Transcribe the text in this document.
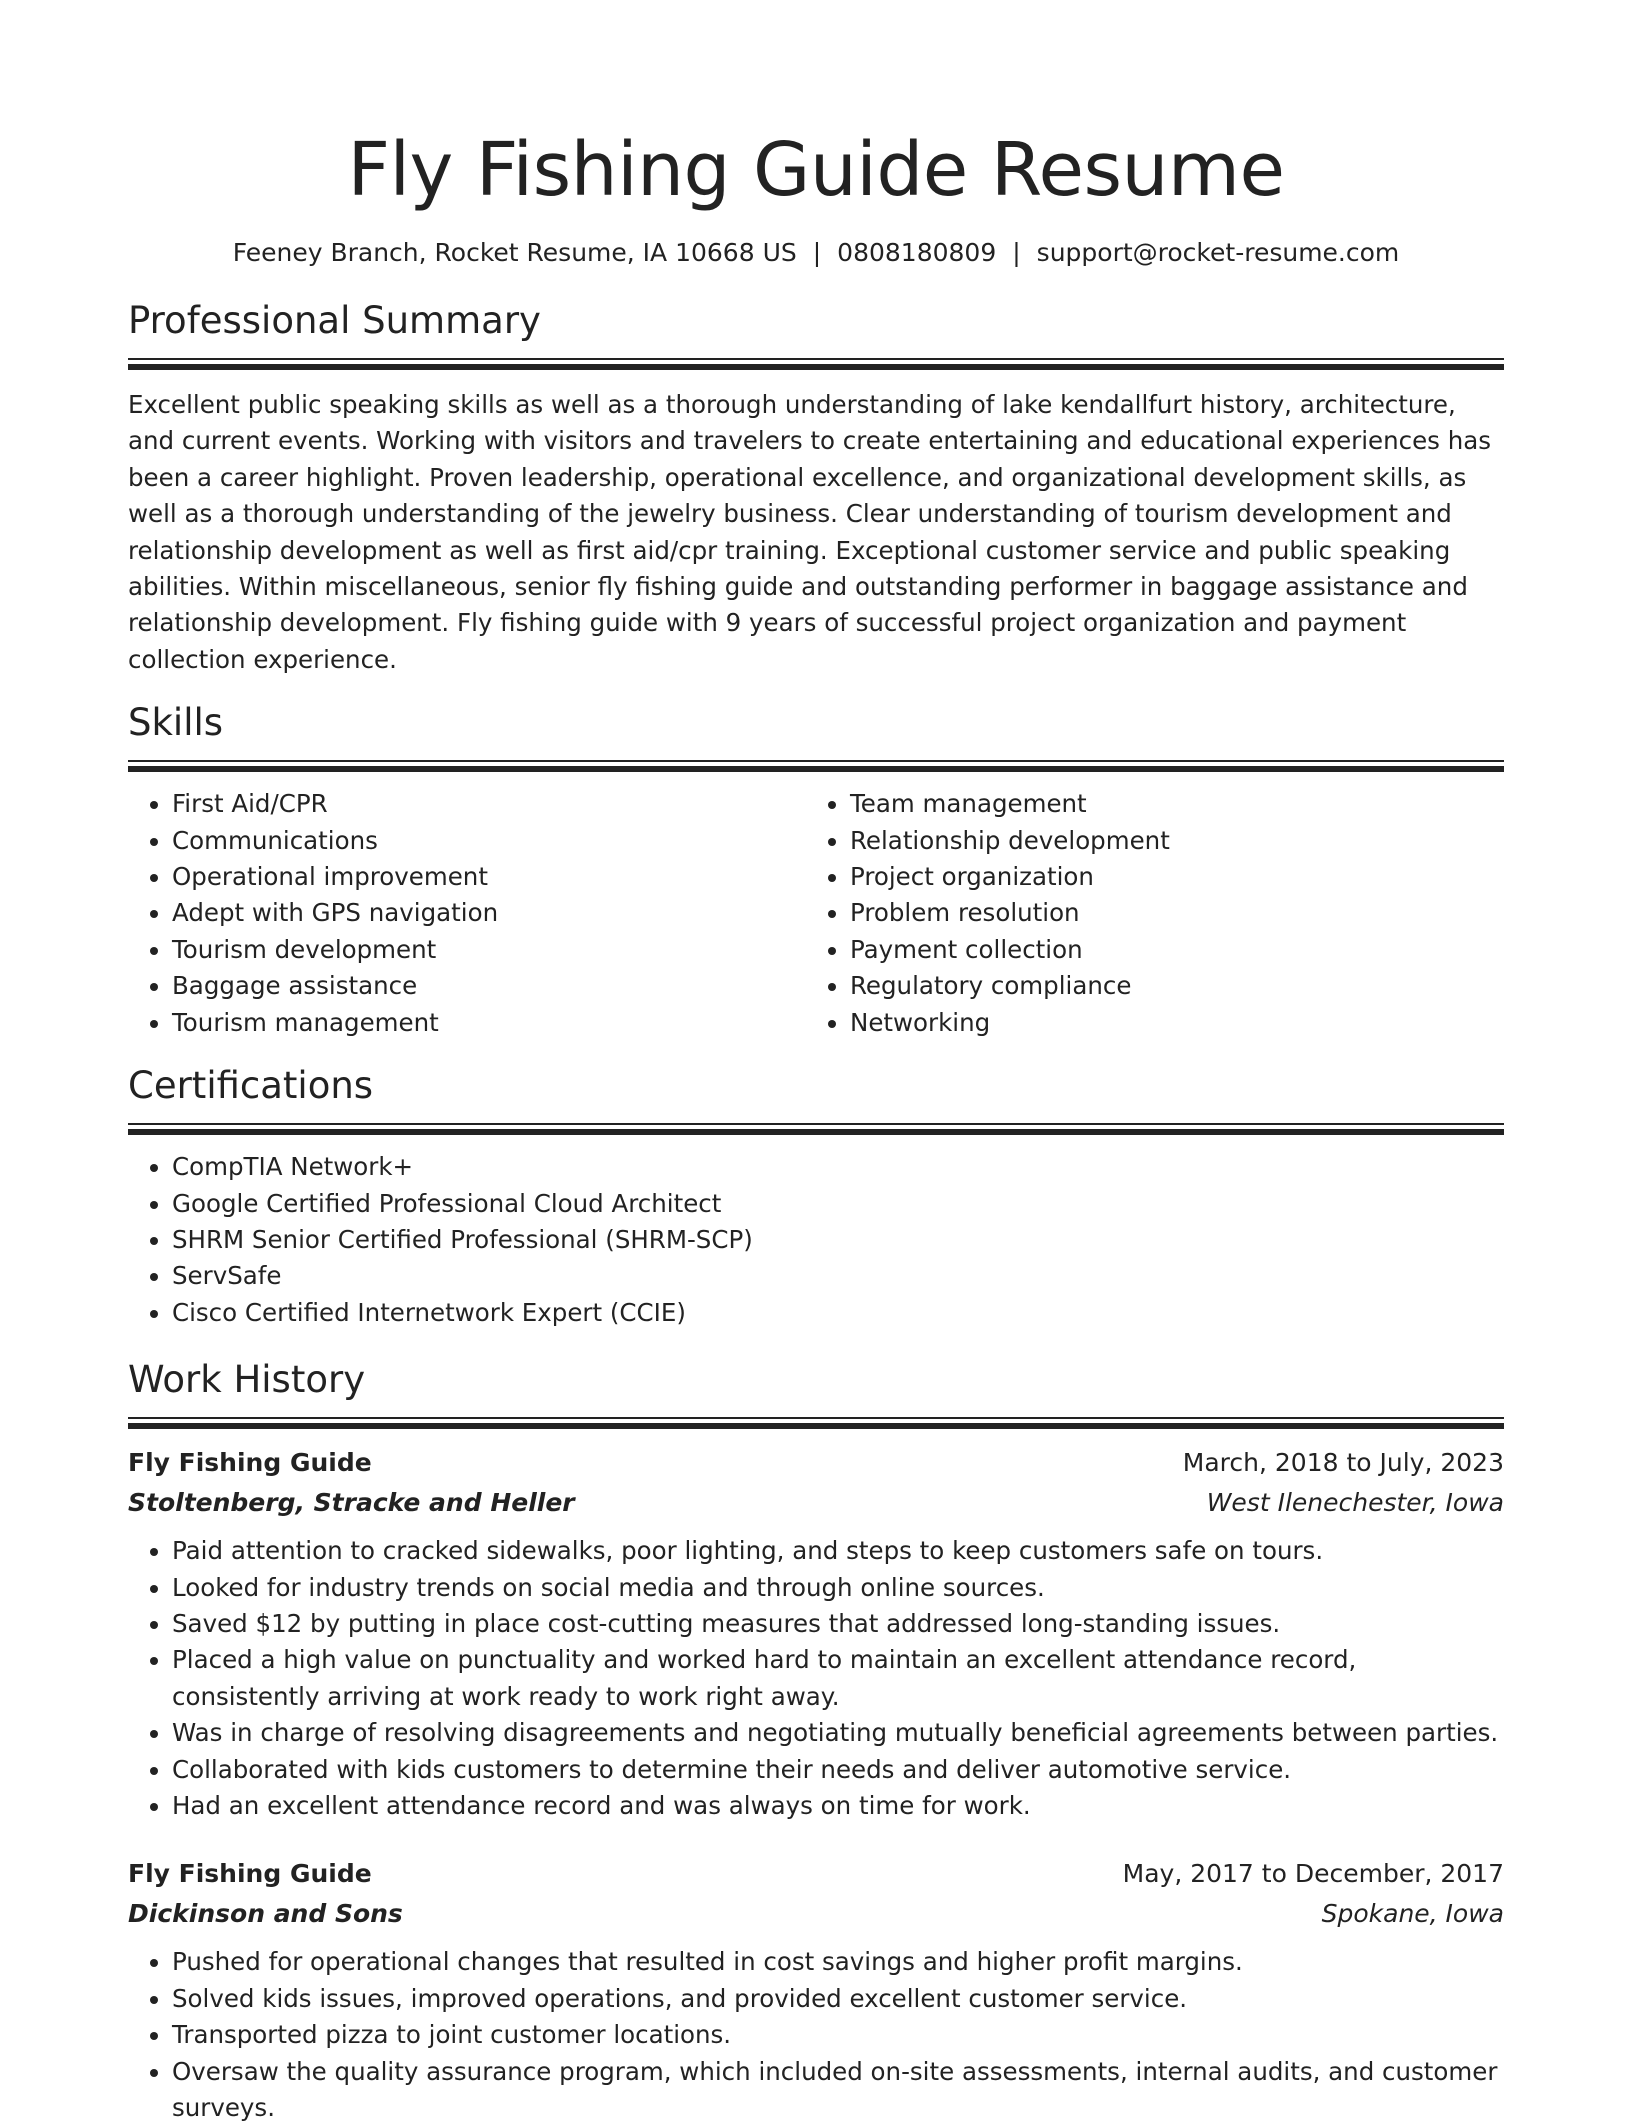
Fly Fishing Guide Resume
Feeney Branch, Rocket Resume, IA 10668 US | 0808180809 | support@rocket-resume.com
Professional Summary
Excellent public speaking skills as well as a thorough understanding of lake kendallfurt history, architecture, and current events. Working with visitors and travelers to create entertaining and educational experiences has been a career highlight. Proven leadership, operational excellence, and organizational development skills, as well as a thorough understanding of the jewelry business. Clear understanding of tourism development and relationship development as well as first aid/cpr training. Exceptional customer service and public speaking abilities. Within miscellaneous, senior fly fishing guide and outstanding performer in baggage assistance and relationship development. Fly fishing guide with 9 years of successful project organization and payment collection experience.
Skills
• First Aid/CPR
• Communications
• Operational improvement
• Adept with GPS navigation
• Tourism development
• Baggage assistance
• Tourism management
• Team management
• Relationship development
• Project organization
• Problem resolution
• Payment collection
• Regulatory compliance
• Networking
Certifications
• CompTIA Network+
• Google Certified Professional Cloud Architect
• SHRM Senior Certified Professional (SHRM-SCP)
• ServSafe
• Cisco Certified Internetwork Expert (CCIE)
Work History
Fly Fishing Guide	March, 2018 to July, 2023
Stoltenberg, Stracke and Heller	West Ilenechester, Iowa
• Paid attention to cracked sidewalks, poor lighting, and steps to keep customers safe on tours.
• Looked for industry trends on social media and through online sources.
• Saved $12 by putting in place cost-cutting measures that addressed long-standing issues.
• Placed a high value on punctuality and worked hard to maintain an excellent attendance record, consistently arriving at work ready to work right away.
• Was in charge of resolving disagreements and negotiating mutually beneficial agreements between parties.
• Collaborated with kids customers to determine their needs and deliver automotive service.
• Had an excellent attendance record and was always on time for work.
Fly Fishing Guide	May, 2017 to December, 2017
Dickinson and Sons	Spokane, Iowa
• Pushed for operational changes that resulted in cost savings and higher profit margins.
• Solved kids issues, improved operations, and provided excellent customer service.
• Transported pizza to joint customer locations.
• Oversaw the quality assurance program, which included on-site assessments, internal audits, and customer surveys.
